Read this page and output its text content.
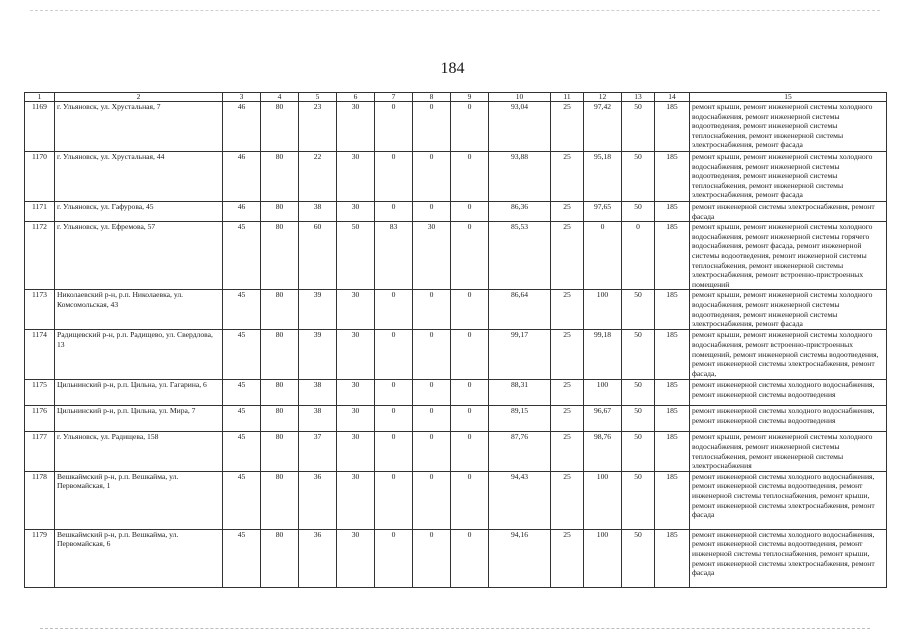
184
1	2	3	4	5	6	7	8	9	10	11	12	13	14	15
1169	г. Ульяновск, ул. Хрустальная, 7	46	80	23	30	0	0	0	93,04	25	97,42	50	185	ремонт крыши, ремонт инженерной системы холодного водоснабжения, ремонт инженерной системы водоотведения, ремонт инженерной системы теплоснабжения, ремонт инженерной системы электроснабжения, ремонт фасада
1170	г. Ульяновск, ул. Хрустальная, 44	46	80	22	30	0	0	0	93,88	25	95,18	50	185	ремонт крыши, ремонт инженерной системы холодного водоснабжения, ремонт инженерной системы водоотведения, ремонт инженерной системы теплоснабжения, ремонт инженерной системы электроснабжения, ремонт фасада
1171	г. Ульяновск, ул. Гафурова, 45	46	80	38	30	0	0	0	86,36	25	97,65	50	185	ремонт инженерной системы электроснабжения, ремонт фасада
1172	г. Ульяновск, ул. Ефремова, 57	45	80	60	50	83	30	0	85,53	25	0	0	185	ремонт крыши, ремонт инженерной системы холодного водоснабжения, ремонт инженерной системы горячего водоснабжения, ремонт фасада, ремонт инженерной системы водоотведения, ремонт инженерной системы теплоснабжения, ремонт инженерной системы электроснабжения, ремонт встроенно-пристроенных помещений
1173	Николаевский р-н, р.п. Николаевка, ул. Комсомольская, 43	45	80	39	30	0	0	0	86,64	25	100	50	185	ремонт крыши, ремонт инженерной системы холодного водоснабжения, ремонт инженерной системы водоотведения, ремонт инженерной системы электроснабжения, ремонт фасада
1174	Радищевский р-н, р.п. Радищево, ул. Свердлова, 13	45	80	39	30	0	0	0	99,17	25	99,18	50	185	ремонт крыши, ремонт инженерной системы холодного водоснабжения, ремонт встроенно-пристроенных помещений, ремонт инженерной системы водоотведения, ремонт инженерной системы электроснабжения, ремонт фасада,
1175	Цильнинский р-н, р.п. Цильна, ул. Гагарина, 6	45	80	38	30	0	0	0	88,31	25	100	50	185	ремонт инженерной системы холодного водоснабжения, ремонт инженерной системы водоотведения
1176	Цильнинский р-н, р.п. Цильна, ул. Мира, 7	45	80	38	30	0	0	0	89,15	25	96,67	50	185	ремонт инженерной системы холодного водоснабжения, ремонт инженерной системы водоотведения
1177	г. Ульяновск, ул. Радищева, 158	45	80	37	30	0	0	0	87,76	25	98,76	50	185	ремонт крыши, ремонт инженерной системы холодного водоснабжения, ремонт инженерной системы теплоснабжения, ремонт инженерной системы электроснабжения
1178	Вешкаймский р-н, р.п. Вешкайма, ул. Первомайская, 1	45	80	36	30	0	0	0	94,43	25	100	50	185	ремонт инженерной системы холодного водоснабжения, ремонт инженерной системы водоотведения, ремонт инженерной системы теплоснабжения, ремонт крыши, ремонт инженерной системы электроснабжения, ремонт фасада
1179	Вешкаймский р-н, р.п. Вешкайма, ул. Первомайская, 6	45	80	36	30	0	0	0	94,16	25	100	50	185	ремонт инженерной системы холодного водоснабжения, ремонт инженерной системы водоотведения, ремонт инженерной системы теплоснабжения, ремонт крыши, ремонт инженерной системы электроснабжения, ремонт фасада
